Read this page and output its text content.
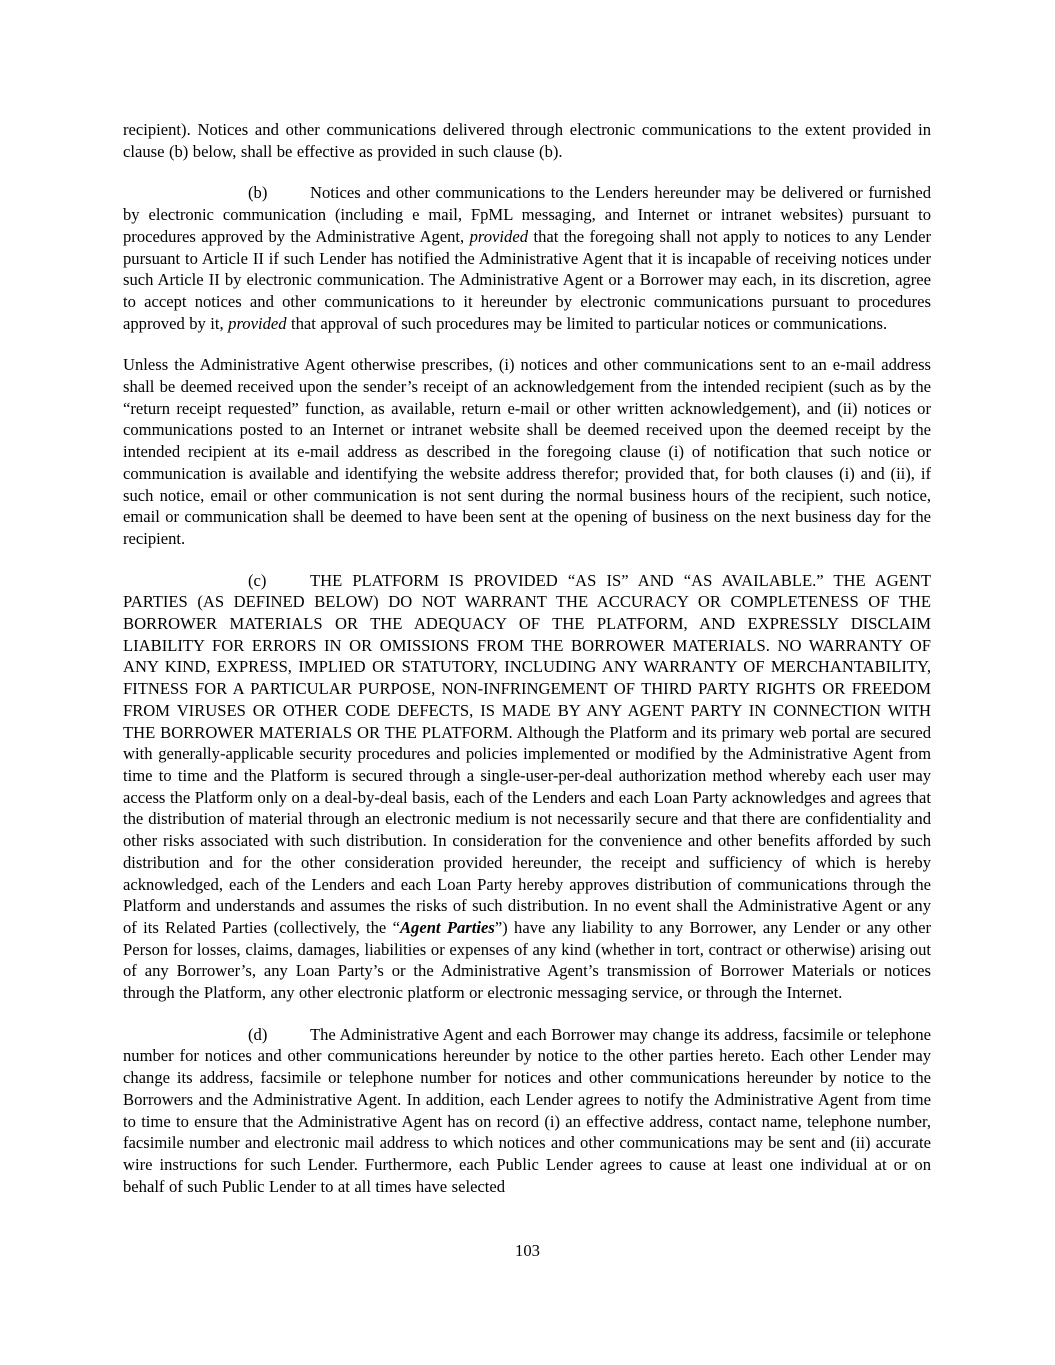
recipient). Notices and other communications delivered through electronic communications to the extent provided in clause (b) below, shall be effective as provided in such clause (b).

(b)	Notices and other communications to the Lenders hereunder may be delivered or furnished by electronic communication (including e mail, FpML messaging, and Internet or intranet websites) pursuant to procedures approved by the Administrative Agent, provided that the foregoing shall not apply to notices to any Lender pursuant to Article II if such Lender has notified the Administrative Agent that it is incapable of receiving notices under such Article II by electronic communication. The Administrative Agent or a Borrower may each, in its discretion, agree to accept notices and other communications to it hereunder by electronic communications pursuant to procedures approved by it, provided that approval of such procedures may be limited to particular notices or communications.

Unless the Administrative Agent otherwise prescribes, (i) notices and other communications sent to an e-mail address shall be deemed received upon the sender’s receipt of an acknowledgement from the intended recipient (such as by the “return receipt requested” function, as available, return e-mail or other written acknowledgement), and (ii) notices or communications posted to an Internet or intranet website shall be deemed received upon the deemed receipt by the intended recipient at its e-mail address as described in the foregoing clause (i) of notification that such notice or communication is available and identifying the website address therefor; provided that, for both clauses (i) and (ii), if such notice, email or other communication is not sent during the normal business hours of the recipient, such notice, email or communication shall be deemed to have been sent at the opening of business on the next business day for the recipient.

(c)	THE PLATFORM IS PROVIDED “AS IS” AND “AS AVAILABLE.” THE AGENT PARTIES (AS DEFINED BELOW) DO NOT WARRANT THE ACCURACY OR COMPLETENESS OF THE BORROWER MATERIALS OR THE ADEQUACY OF THE PLATFORM, AND EXPRESSLY DISCLAIM LIABILITY FOR ERRORS IN OR OMISSIONS FROM THE BORROWER MATERIALS. NO WARRANTY OF ANY KIND, EXPRESS, IMPLIED OR STATUTORY, INCLUDING ANY WARRANTY OF MERCHANTABILITY, FITNESS FOR A PARTICULAR PURPOSE, NON-INFRINGEMENT OF THIRD PARTY RIGHTS OR FREEDOM FROM VIRUSES OR OTHER CODE DEFECTS, IS MADE BY ANY AGENT PARTY IN CONNECTION WITH THE BORROWER MATERIALS OR THE PLATFORM. Although the Platform and its primary web portal are secured with generally-applicable security procedures and policies implemented or modified by the Administrative Agent from time to time and the Platform is secured through a single-user-per-deal authorization method whereby each user may access the Platform only on a deal-by-deal basis, each of the Lenders and each Loan Party acknowledges and agrees that the distribution of material through an electronic medium is not necessarily secure and that there are confidentiality and other risks associated with such distribution. In consideration for the convenience and other benefits afforded by such distribution and for the other consideration provided hereunder, the receipt and sufficiency of which is hereby acknowledged, each of the Lenders and each Loan Party hereby approves distribution of communications through the Platform and understands and assumes the risks of such distribution. In no event shall the Administrative Agent or any of its Related Parties (collectively, the “Agent Parties”) have any liability to any Borrower, any Lender or any other Person for losses, claims, damages, liabilities or expenses of any kind (whether in tort, contract or otherwise) arising out of any Borrower’s, any Loan Party’s or the Administrative Agent’s transmission of Borrower Materials or notices through the Platform, any other electronic platform or electronic messaging service, or through the Internet.

(d)	The Administrative Agent and each Borrower may change its address, facsimile or telephone number for notices and other communications hereunder by notice to the other parties hereto. Each other Lender may change its address, facsimile or telephone number for notices and other communications hereunder by notice to the Borrowers and the Administrative Agent. In addition, each Lender agrees to notify the Administrative Agent from time to time to ensure that the Administrative Agent has on record (i) an effective address, contact name, telephone number, facsimile number and electronic mail address to which notices and other communications may be sent and (ii) accurate wire instructions for such Lender. Furthermore, each Public Lender agrees to cause at least one individual at or on behalf of such Public Lender to at all times have selected

103
